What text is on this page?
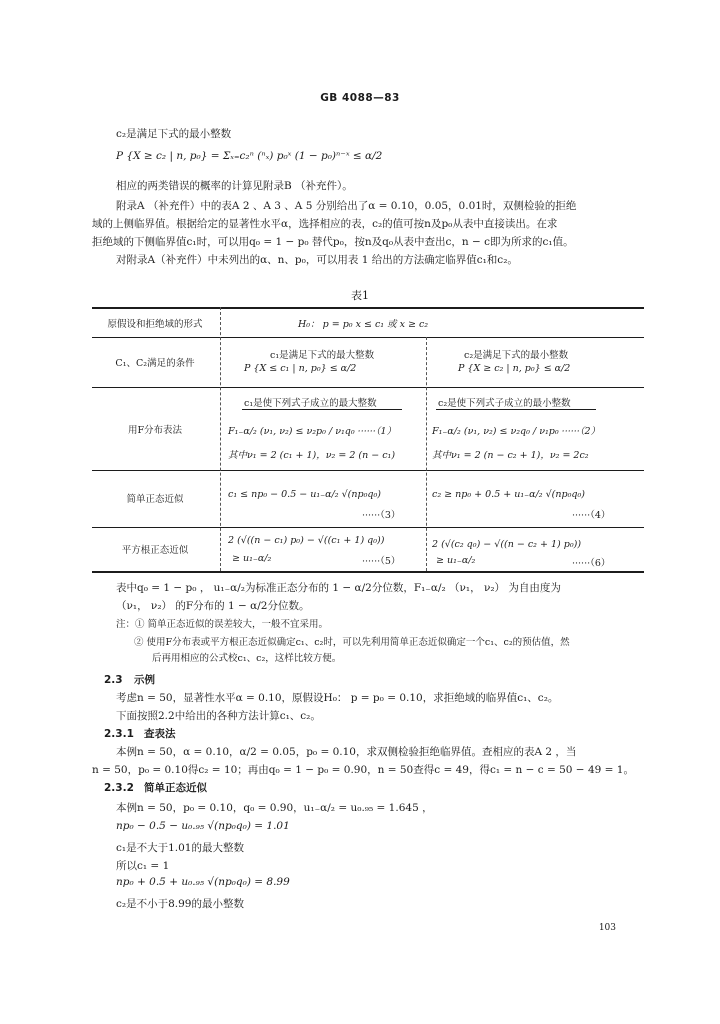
GB 4088—83
c₂是满足下式的最小整数
P {X ≥ c₂ | n, p₀} = Σₓ₌c₂ⁿ (ⁿₓ) p₀ˣ (1 − p₀)ⁿ⁻ˣ ≤ α/2
相应的两类错误的概率的计算见附录B （补充件）。
附录A （补充件）中的表A 2 、A 3 、A 5 分别给出了α = 0.10，0.05，0.01时，双侧检验的拒绝
域的上侧临界值。根据给定的显著性水平α，选择相应的表，c₂的值可按n及p₀从表中直接读出。在求
拒绝域的下侧临界值c₁时，可以用q₀ = 1 − p₀ 替代p₀，按n及q₀从表中查出c，n − c即为所求的c₁值。
对附录A（补充件）中未列出的α、n、p₀，可以用表 1 给出的方法确定临界值c₁和c₂。
表1
原假设和拒绝域的形式
C₁、C₂满足的条件
用F分布表法
简单正态近似
平方根正态近似
H₀： p = p₀ x ≤ c₁ 或 x ≥ c₂
c₁是满足下式的最大整数
P {X ≤ c₁ | n, p₀} ≤ α/2
c₂是满足下式的最小整数
P {X ≥ c₂ | n, p₀} ≤ α/2
c₁是使下列式子成立的最大整数
F₁₋α/₂ (ν₁, ν₂) ≤ ν₂p₀ / ν₁q₀ ······（1）
其中ν₁ = 2 (c₁ + 1)，ν₂ = 2 (n − c₁)
c₂是使下列式子成立的最小整数
F₁₋α/₂ (ν₁, ν₂) ≤ ν₂q₀ / ν₁p₀ ······（2）
其中ν₁ = 2 (n − c₂ + 1)，ν₂ = 2c₂
c₁ ≤ np₀ − 0.5 − u₁₋α/₂ √(np₀q₀)
······（3）
c₂ ≥ np₀ + 0.5 + u₁₋α/₂ √(np₀q₀)
······（4）
2 (√((n − c₁) p₀) − √((c₁ + 1) q₀))
≥ u₁₋α/₂	······（5）
2 (√(c₂ q₀) − √((n − c₂ + 1) p₀))
≥ u₁₋α/₂	······（6）
表中q₀ = 1 − p₀ ， u₁₋α/₂为标准正态分布的 1 − α/2分位数，F₁₋α/₂ （ν₁， ν₂） 为自由度为
（ν₁， ν₂） 的F分布的 1 − α/2分位数。
注：① 简单正态近似的误差较大，一般不宜采用。
② 使用F分布表或平方根正态近似确定c₁、c₂时，可以先利用简单正态近似确定一个c₁、c₂的预估值，然
后再用相应的公式校c₁、c₂，这样比较方便。
2.3 示例
考虑n = 50，显著性水平α = 0.10，原假设H₀： p = p₀ = 0.10，求拒绝域的临界值c₁、c₂。
下面按照2.2中给出的各种方法计算c₁、c₂。
2.3.1 查表法
本例n = 50，α = 0.10，α/2 = 0.05，p₀ = 0.10，求双侧检验拒绝临界值。查相应的表A 2 ，当
n = 50，p₀ = 0.10得c₂ = 10；再由q₀ = 1 − p₀ = 0.90，n = 50查得c = 49，得c₁ = n − c = 50 − 49 = 1。
2.3.2 简单正态近似
本例n = 50，p₀ = 0.10，q₀ = 0.90，u₁₋α/₂ = u₀.₉₅ = 1.645 ，
np₀ − 0.5 − u₀.₉₅ √(np₀q₀) = 1.01
c₁是不大于1.01的最大整数
所以c₁ = 1
np₀ + 0.5 + u₀.₉₅ √(np₀q₀) = 8.99
c₂是不小于8.99的最小整数
103
